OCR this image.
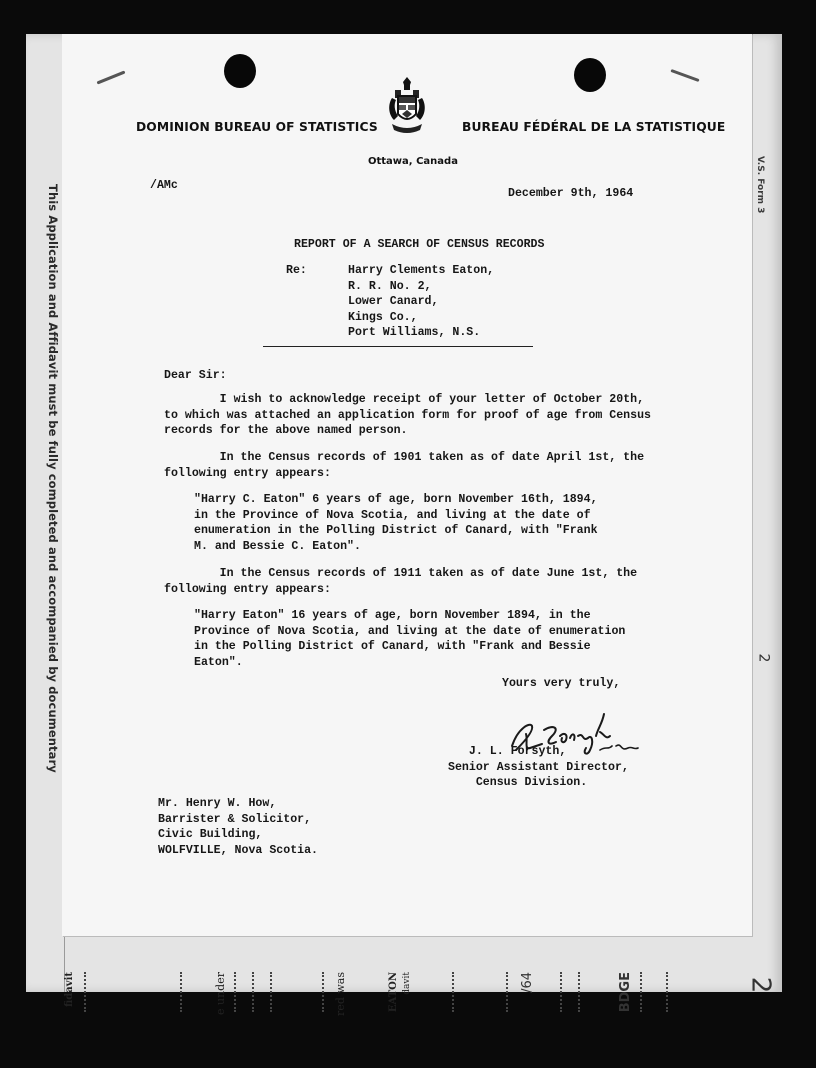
This Application and Affidavit must be fully completed and accompanied by documentary	V.S. Form 3
2
fidavit	e under	red was	EATON davit	/64	BDGE	2
DOMINION BUREAU OF STATISTICS	BUREAU FÉDÉRAL DE LA STATISTIQUE
Ottawa, Canada

/AMc
December 9th, 1964
REPORT OF A SEARCH OF CENSUS RECORDS
Re:	Harry Clements Eaton,
R. R. No. 2,
Lower Canard,
Kings Co.,
Port Williams, N.S.
Dear Sir:
I wish to acknowledge receipt of your letter of October 20th,
to which was attached an application form for proof of age from Census
records for the above named person.
In the Census records of 1901 taken as of date April 1st, the
following entry appears:
"Harry C. Eaton" 6 years of age, born November 16th, 1894,
in the Province of Nova Scotia, and living at the date of
enumeration in the Polling District of Canard, with "Frank
M. and Bessie C. Eaton".
In the Census records of 1911 taken as of date June 1st, the
following entry appears:
"Harry Eaton" 16 years of age, born November 1894, in the
Province of Nova Scotia, and living at the date of enumeration
in the Polling District of Canard, with "Frank and Bessie
Eaton".
Yours very truly,
J. L. Forsyth,
Senior Assistant Director,
Census Division.
Mr. Henry W. How,
Barrister & Solicitor,
Civic Building,
WOLFVILLE, Nova Scotia.
